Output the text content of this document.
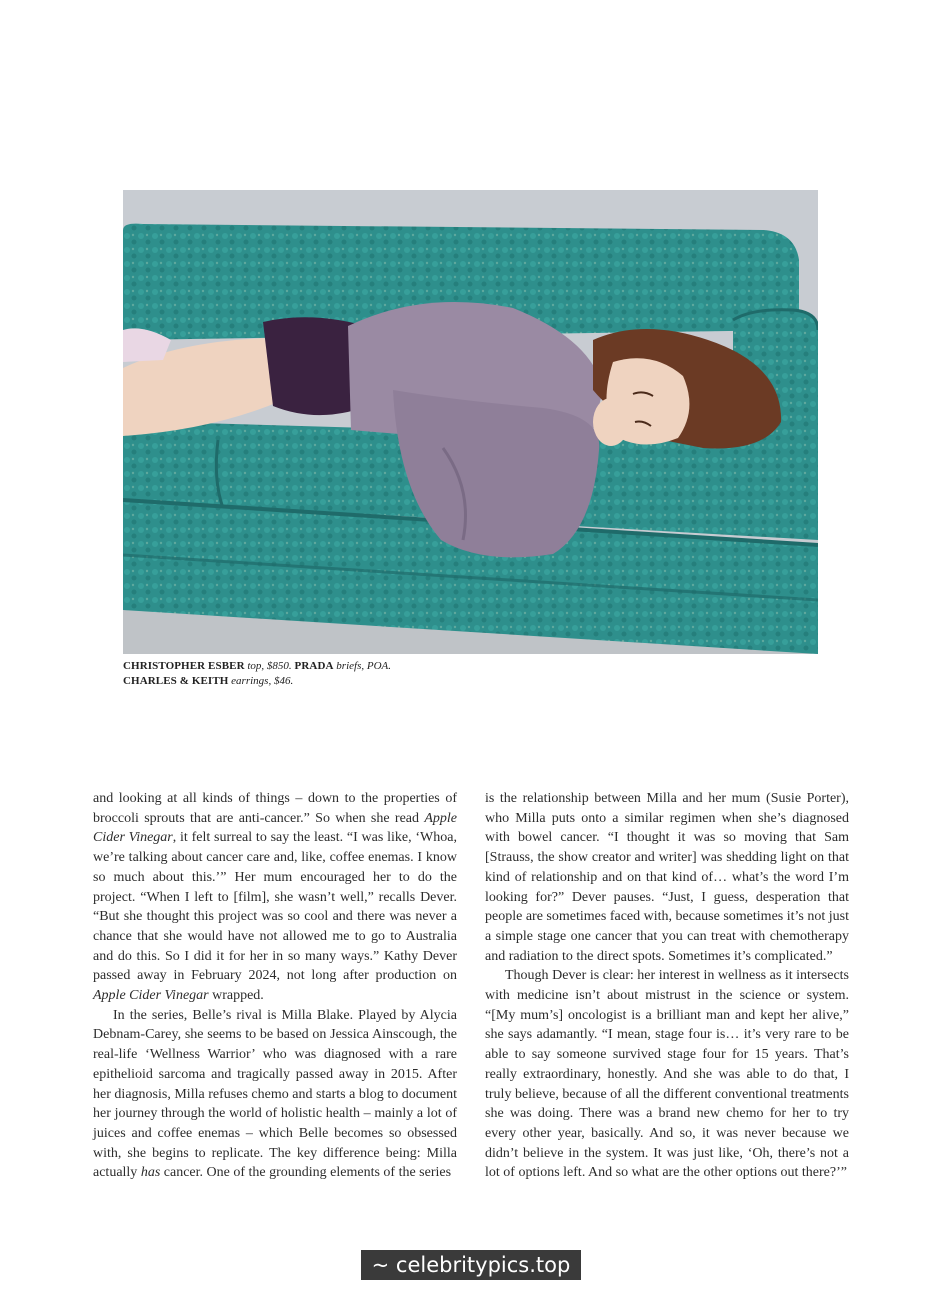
CHRISTOPHER ESBER top, $850. PRADA briefs, POA.
CHARLES & KEITH earrings, $46.

and looking at all kinds of things – down to the properties of broccoli sprouts that are anti-cancer.” So when she read Apple Cider Vinegar, it felt surreal to say the least. “I was like, ‘Whoa, we’re talking about cancer care and, like, coffee enemas. I know so much about this.’” Her mum encouraged her to do the project. “When I left to [film], she wasn’t well,” recalls Dever. “But she thought this project was so cool and there was never a chance that she would have not allowed me to go to Australia and do this. So I did it for her in so many ways.” Kathy Dever passed away in February 2024, not long after production on Apple Cider Vinegar wrapped.

In the series, Belle’s rival is Milla Blake. Played by Alycia Debnam-Carey, she seems to be based on Jessica Ainscough, the real-life ‘Wellness Warrior’ who was diagnosed with a rare epithelioid sarcoma and tragically passed away in 2015. After her diagnosis, Milla refuses chemo and starts a blog to document her journey through the world of holistic health – mainly a lot of juices and coffee enemas – which Belle becomes so obsessed with, she begins to replicate. The key difference being: Milla actually has cancer. One of the grounding elements of the series

is the relationship between Milla and her mum (Susie Porter), who Milla puts onto a similar regimen when she’s diagnosed with bowel cancer. “I thought it was so moving that Sam [Strauss, the show creator and writer] was shedding light on that kind of relationship and on that kind of… what’s the word I’m looking for?” Dever pauses. “Just, I guess, desperation that people are sometimes faced with, because sometimes it’s not just a simple stage one cancer that you can treat with chemotherapy and radiation to the direct spots. Sometimes it’s complicated.”

Though Dever is clear: her interest in wellness as it intersects with medicine isn’t about mistrust in the science or system. “[My mum’s] oncologist is a brilliant man and kept her alive,” she says adamantly. “I mean, stage four is… it’s very rare to be able to say someone survived stage four for 15 years. That’s really extraordinary, honestly. And she was able to do that, I truly believe, because of all the different conventional treatments she was doing. There was a brand new chemo for her to try every other year, basically. And so, it was never because we didn’t believe in the system. It was just like, ‘Oh, there’s not a lot of options left. And so what are the other options out there?’”

~ celebritypics.top ~
